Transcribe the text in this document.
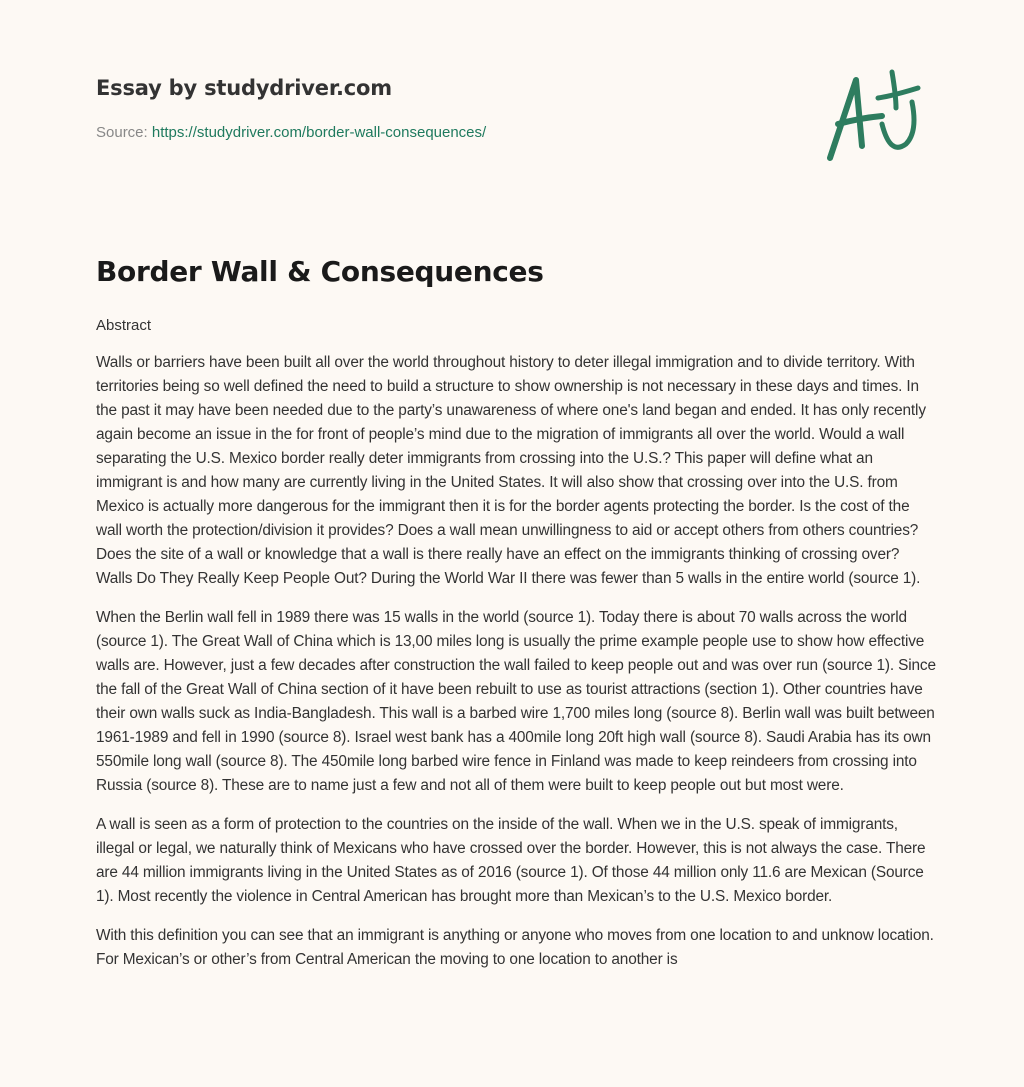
Essay by studydriver.com
Source: https://studydriver.com/border-wall-consequences/
Border Wall & Consequences
Abstract

Walls or barriers have been built all over the world throughout history to deter illegal immigration and to divide territory. With territories being so well defined the need to build a structure to show ownership is not necessary in these days and times. In the past it may have been needed due to the party’s unawareness of where one's land began and ended. It has only recently again become an issue in the for front of people’s mind due to the migration of immigrants all over the world. Would a wall separating the U.S. Mexico border really deter immigrants from crossing into the U.S.? This paper will define what an immigrant is and how many are currently living in the United States. It will also show that crossing over into the U.S. from Mexico is actually more dangerous for the immigrant then it is for the border agents protecting the border. Is the cost of the wall worth the protection/division it provides? Does a wall mean unwillingness to aid or accept others from others countries? Does the site of a wall or knowledge that a wall is there really have an effect on the immigrants thinking of crossing over? Walls Do They Really Keep People Out? During the World War II there was fewer than 5 walls in the entire world (source 1).

When the Berlin wall fell in 1989 there was 15 walls in the world (source 1). Today there is about 70 walls across the world (source 1). The Great Wall of China which is 13,00 miles long is usually the prime example people use to show how effective walls are. However, just a few decades after construction the wall failed to keep people out and was over run (source 1). Since the fall of the Great Wall of China section of it have been rebuilt to use as tourist attractions (section 1). Other countries have their own walls suck as India-Bangladesh. This wall is a barbed wire 1,700 miles long (source 8). Berlin wall was built between 1961-1989 and fell in 1990 (source 8). Israel west bank has a 400mile long 20ft high wall (source 8). Saudi Arabia has its own 550mile long wall (source 8). The 450mile long barbed wire fence in Finland was made to keep reindeers from crossing into Russia (source 8). These are to name just a few and not all of them were built to keep people out but most were.

A wall is seen as a form of protection to the countries on the inside of the wall. When we in the U.S. speak of immigrants, illegal or legal, we naturally think of Mexicans who have crossed over the border. However, this is not always the case. There are 44 million immigrants living in the United States as of 2016 (source 1). Of those 44 million only 11.6 are Mexican (Source 1). Most recently the violence in Central American has brought more than Mexican’s to the U.S. Mexico border.

With this definition you can see that an immigrant is anything or anyone who moves from one location to and unknow location. For Mexican’s or other’s from Central American the moving to one location to another is
